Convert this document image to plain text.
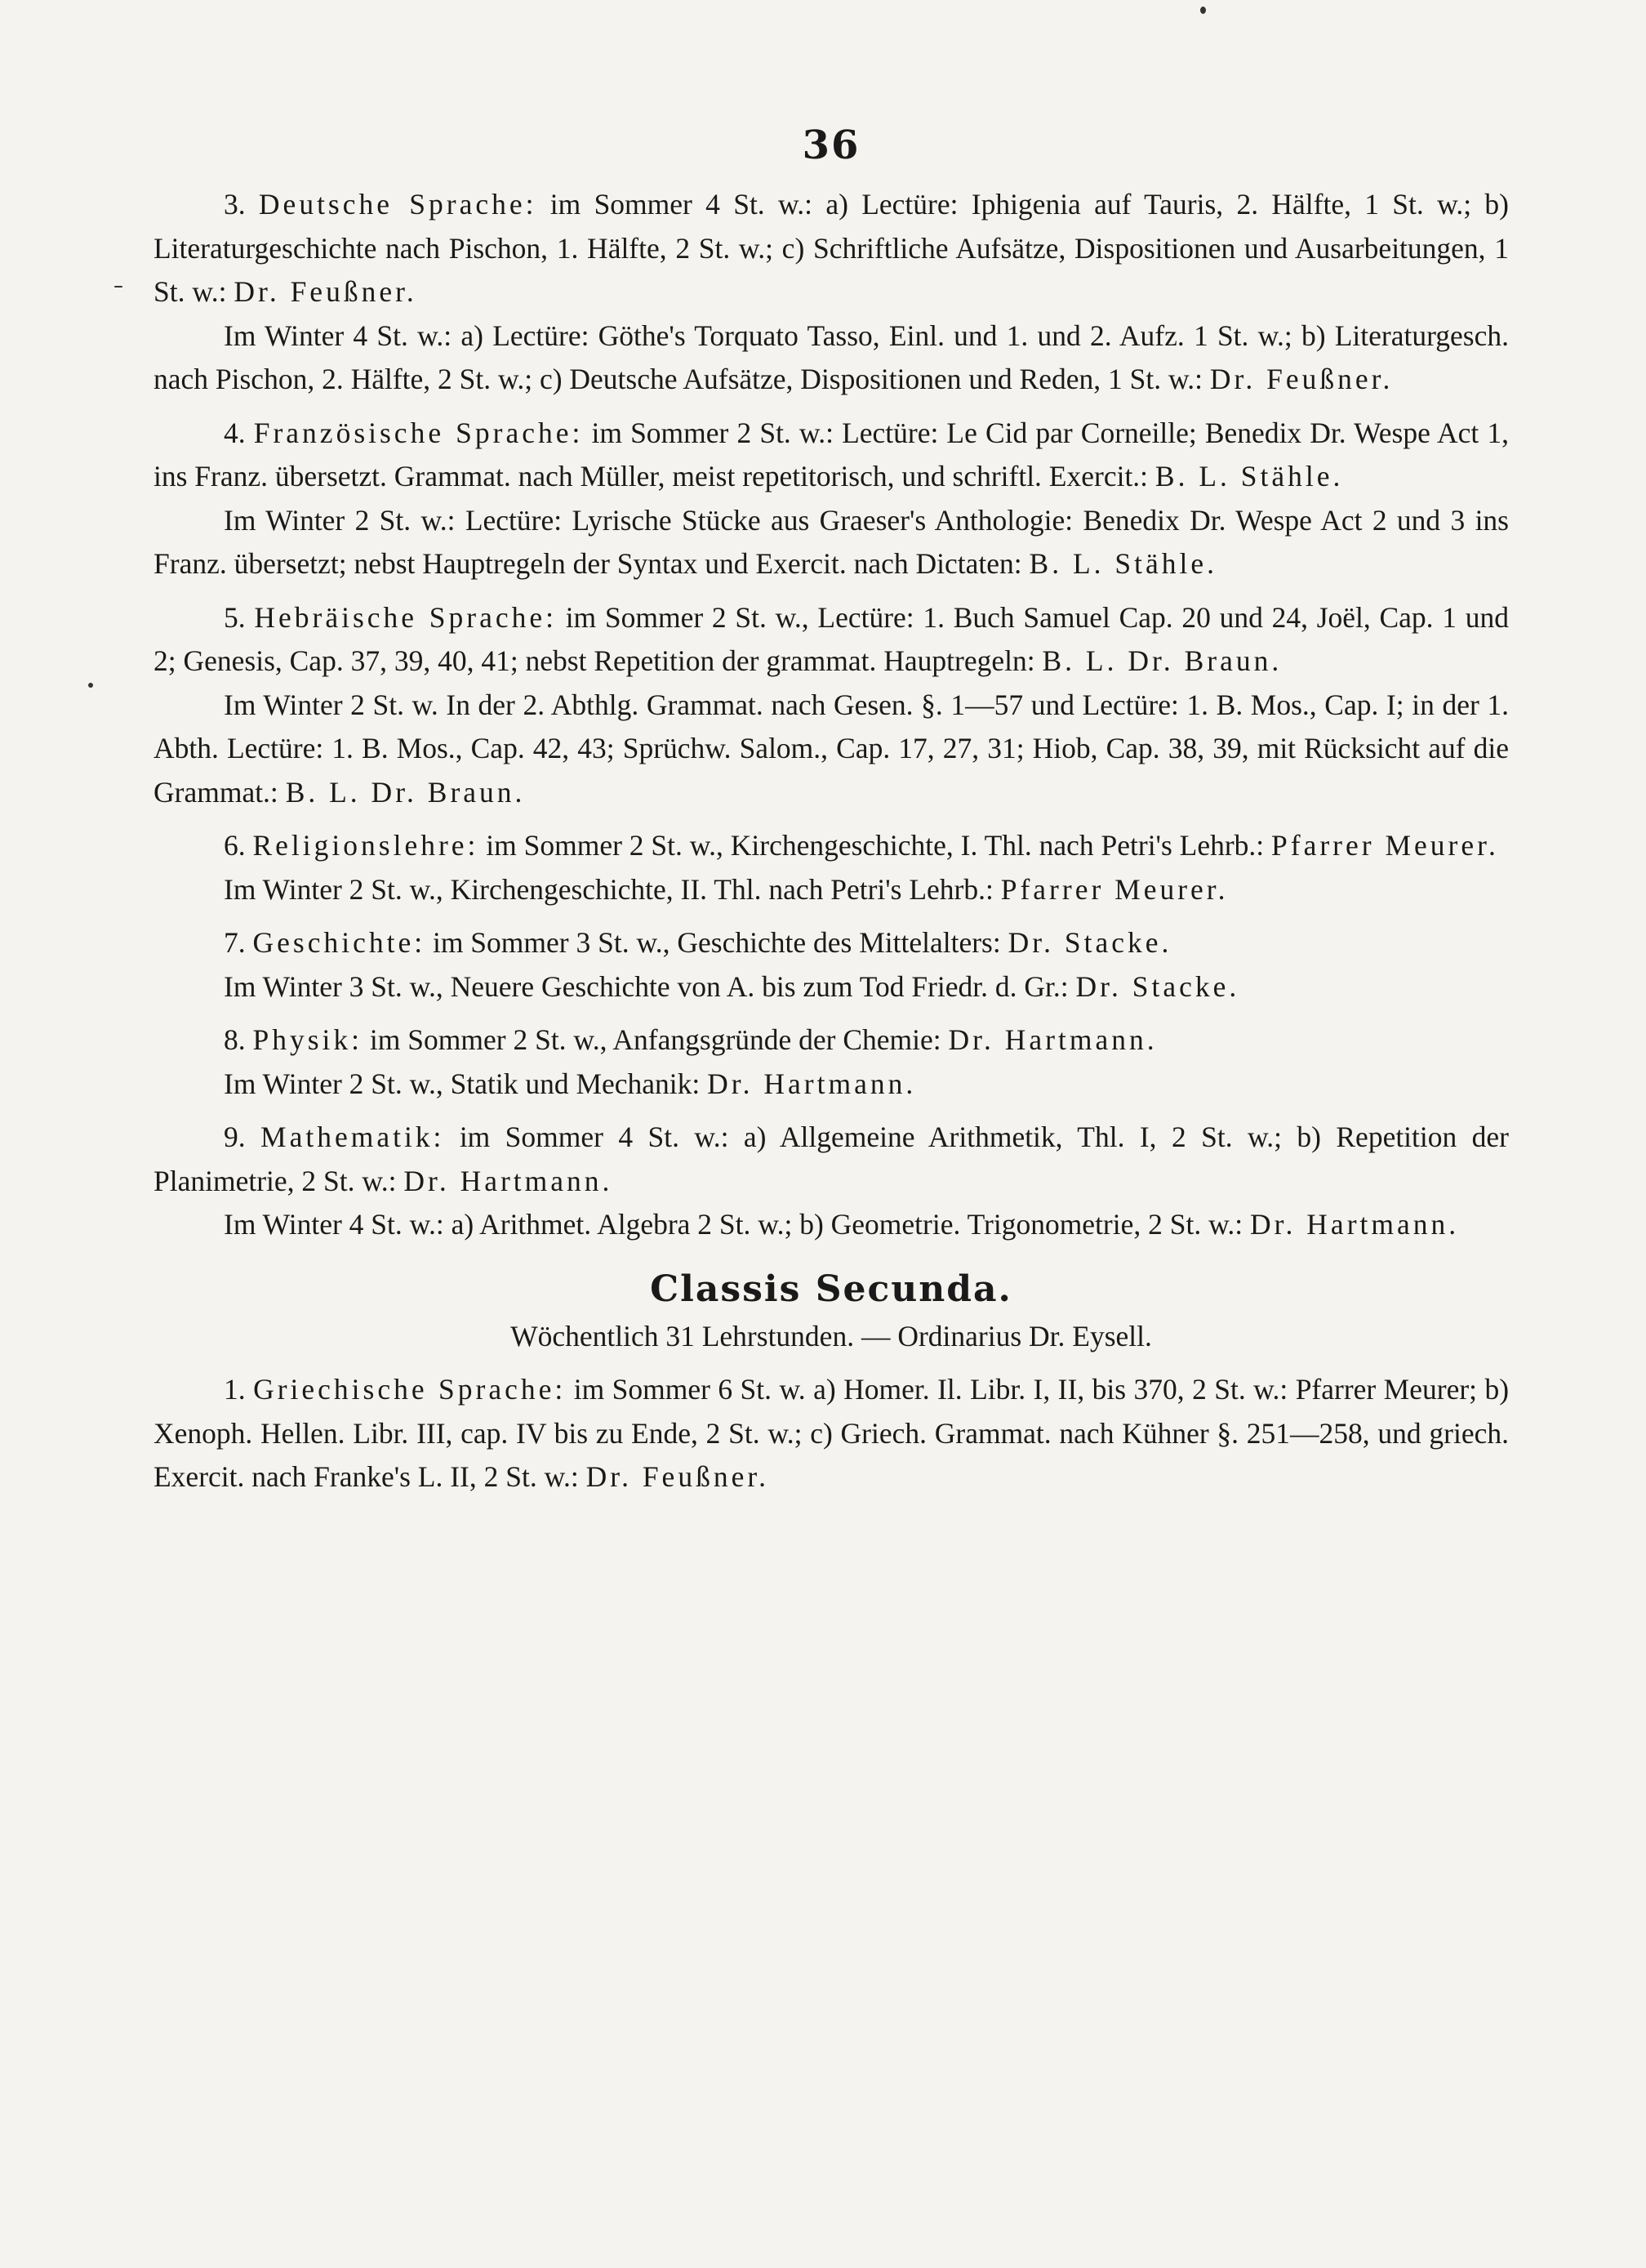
36

3. Deutsche Sprache: im Sommer 4 St. w.: a) Lectüre: Iphigenia auf Tauris, 2. Hälfte, 1 St. w.; b) Literaturgeschichte nach Pischon, 1. Hälfte, 2 St. w.; c) Schriftliche Aufsätze, Dispositionen und Ausarbeitungen, 1 St. w.: Dr. Feußner.

Im Winter 4 St. w.: a) Lectüre: Göthe's Torquato Tasso, Einl. und 1. und 2. Aufz. 1 St. w.; b) Literaturgesch. nach Pischon, 2. Hälfte, 2 St. w.; c) Deutsche Aufsätze, Dispositionen und Reden, 1 St. w.: Dr. Feußner.

4. Französische Sprache: im Sommer 2 St. w.: Lectüre: Le Cid par Corneille; Benedix Dr. Wespe Act 1, ins Franz. übersetzt. Grammat. nach Müller, meist repetitorisch, und schriftl. Exercit.: B. L. Stähle.

Im Winter 2 St. w.: Lectüre: Lyrische Stücke aus Graeser's Anthologie: Benedix Dr. Wespe Act 2 und 3 ins Franz. übersetzt; nebst Hauptregeln der Syntax und Exercit. nach Dictaten: B. L. Stähle.

5. Hebräische Sprache: im Sommer 2 St. w., Lectüre: 1. Buch Samuel Cap. 20 und 24, Joël, Cap. 1 und 2; Genesis, Cap. 37, 39, 40, 41; nebst Repetition der grammat. Hauptregeln: B. L. Dr. Braun.

Im Winter 2 St. w. In der 2. Abthlg. Grammat. nach Gesen. §. 1—57 und Lectüre: 1. B. Mos., Cap. I; in der 1. Abth. Lectüre: 1. B. Mos., Cap. 42, 43; Sprüchw. Salom., Cap. 17, 27, 31; Hiob, Cap. 38, 39, mit Rücksicht auf die Grammat.: B. L. Dr. Braun.

6. Religionslehre: im Sommer 2 St. w., Kirchengeschichte, I. Thl. nach Petri's Lehrb.: Pfarrer Meurer.

Im Winter 2 St. w., Kirchengeschichte, II. Thl. nach Petri's Lehrb.: Pfarrer Meurer.

7. Geschichte: im Sommer 3 St. w., Geschichte des Mittelalters: Dr. Stacke.

Im Winter 3 St. w., Neuere Geschichte von A. bis zum Tod Friedr. d. Gr.: Dr. Stacke.

8. Physik: im Sommer 2 St. w., Anfangsgründe der Chemie: Dr. Hartmann.

Im Winter 2 St. w., Statik und Mechanik: Dr. Hartmann.

9. Mathematik: im Sommer 4 St. w.: a) Allgemeine Arithmetik, Thl. I, 2 St. w.; b) Repetition der Planimetrie, 2 St. w.: Dr. Hartmann.

Im Winter 4 St. w.: a) Arithmet. Algebra 2 St. w.; b) Geometrie. Trigonometrie, 2 St. w.: Dr. Hartmann.

Classis Secunda.
Wöchentlich 31 Lehrstunden. — Ordinarius Dr. Eysell.

1. Griechische Sprache: im Sommer 6 St. w. a) Homer. Il. Libr. I, II, bis 370, 2 St. w.: Pfarrer Meurer; b) Xenoph. Hellen. Libr. III, cap. IV bis zu Ende, 2 St. w.; c) Griech. Grammat. nach Kühner §. 251—258, und griech. Exercit. nach Franke's L. II, 2 St. w.: Dr. Feußner.
